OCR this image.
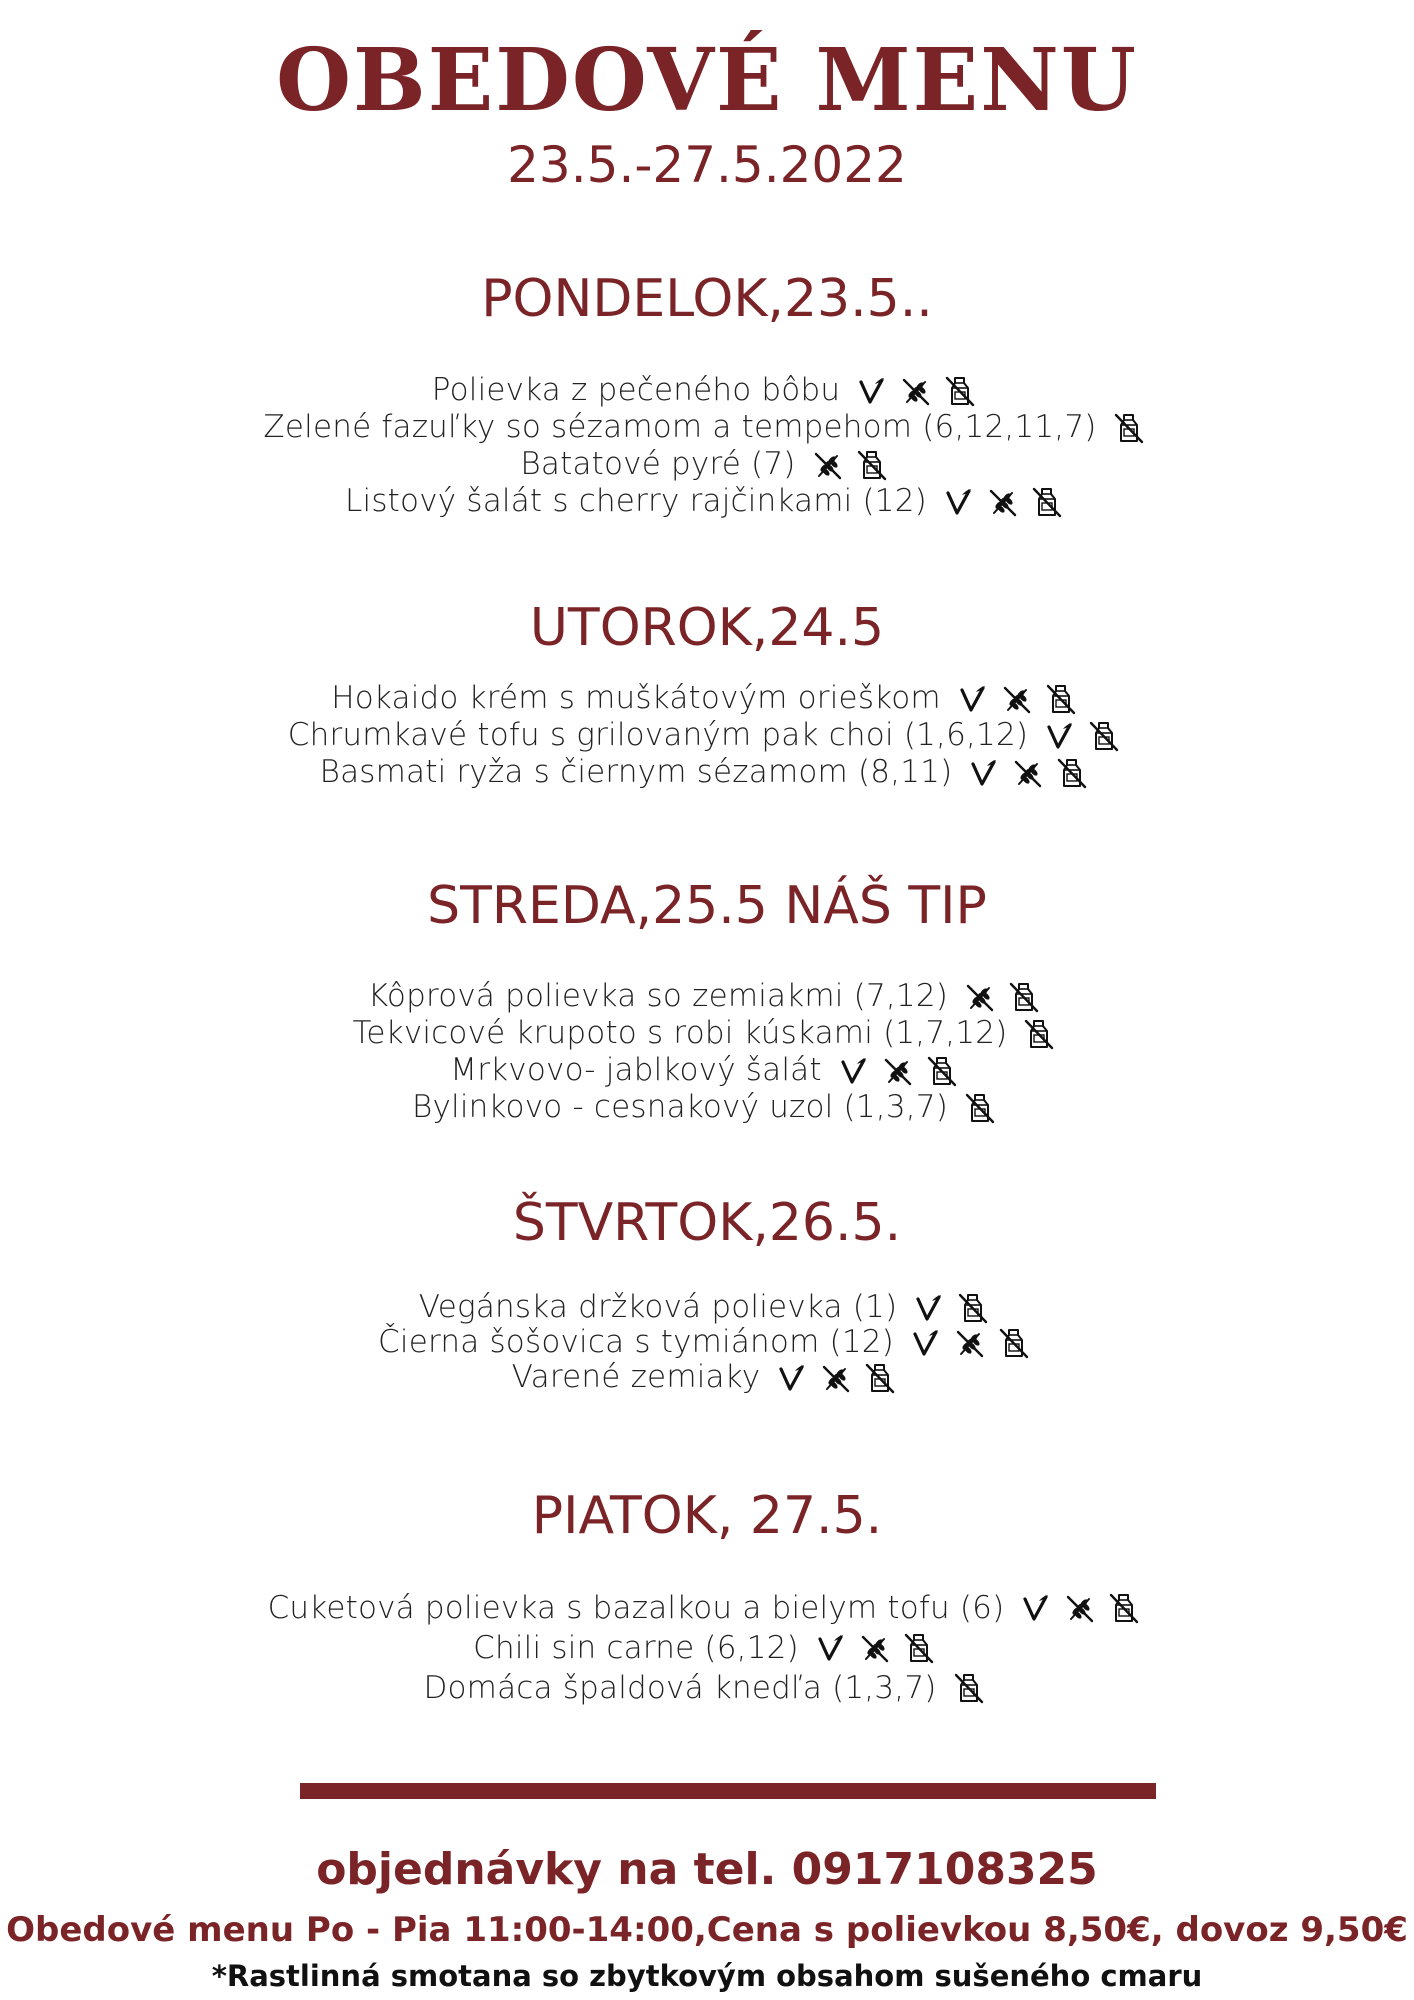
OBEDOVÉ MENU
23.5.-27.5.2022
PONDELOK,23.5..
Polievka z pečeného bôbu
Zelené fazuľky so sézamom a tempehom (6,12,11,7)
Batatové pyré (7)
Listový šalát s cherry rajčinkami (12)
UTOROK,24.5
Hokaido krém s muškátovým orieškom
Chrumkavé tofu s grilovaným pak choi (1,6,12)
Basmati ryža s čiernym sézamom (8,11)
STREDA,25.5 NÁŠ TIP
Kôprová polievka so zemiakmi (7,12)
Tekvicové krupoto s robi kúskami (1,7,12)
Mrkvovo- jablkový šalát
Bylinkovo - cesnakový uzol (1,3,7)
ŠTVRTOK,26.5.
Vegánska držková polievka (1)
Čierna šošovica s tymiánom (12)
Varené zemiaky
PIATOK, 27.5.
Cuketová polievka s bazalkou a bielym tofu (6)
Chili sin carne (6,12)
Domáca špaldová knedľa (1,3,7)
objednávky na tel. 0917108325
Obedové menu Po - Pia 11:00-14:00,Cena s polievkou 8,50€, dovoz 9,50€
*Rastlinná smotana so zbytkovým obsahom sušeného cmaru
